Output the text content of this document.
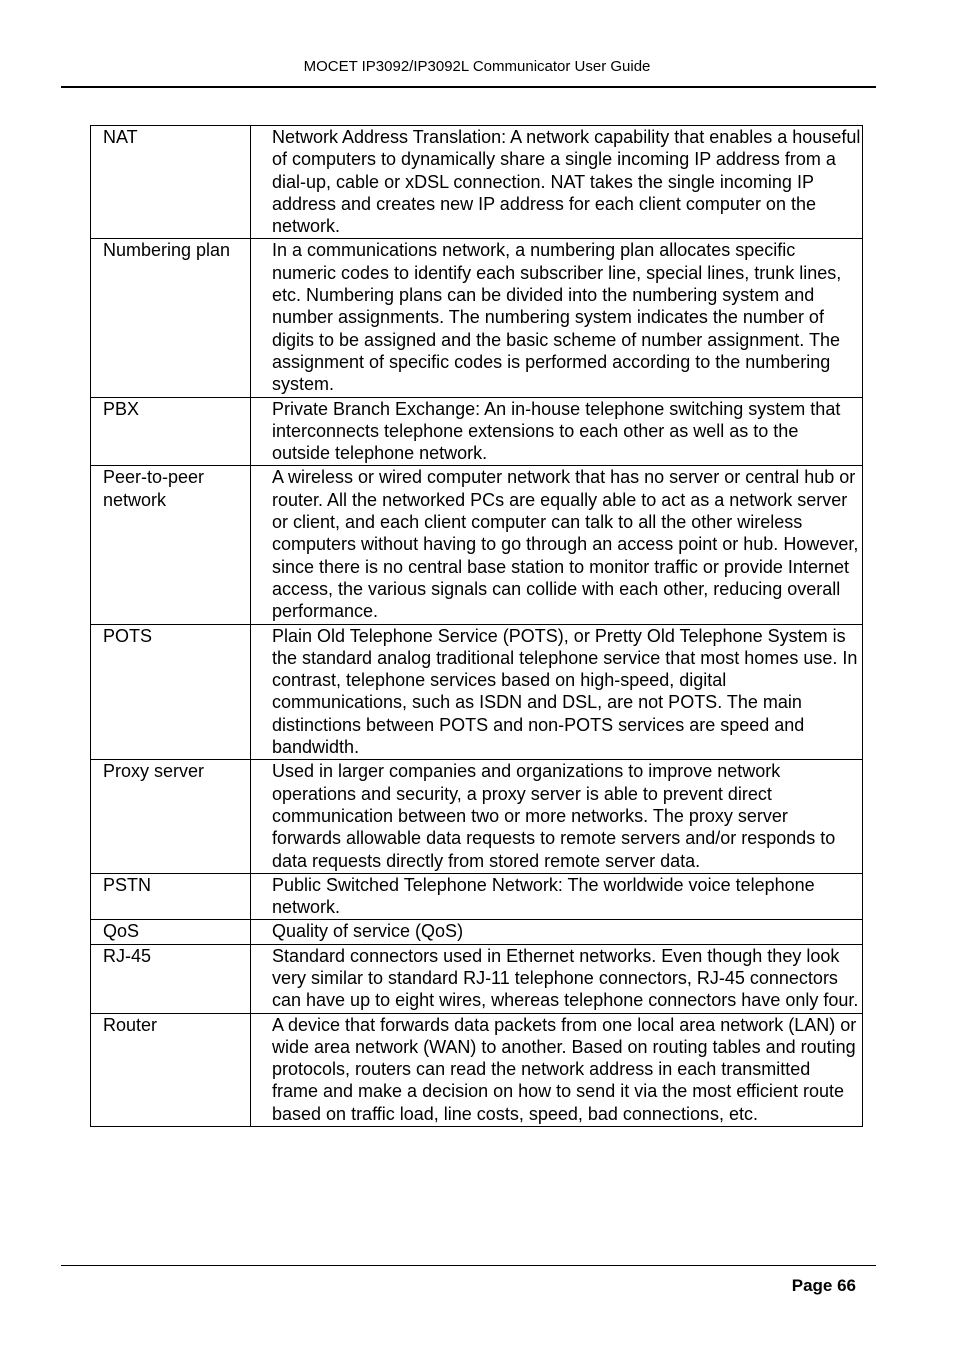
MOCET IP3092/IP3092L Communicator User Guide
NAT	Network Address Translation: A network capability that enables a houseful of computers to dynamically share a single incoming IP address from a dial-up, cable or xDSL connection. NAT takes the single incoming IP address and creates new IP address for each client computer on the network.
Numbering plan	In a communications network, a numbering plan allocates specific numeric codes to identify each subscriber line, special lines, trunk lines, etc. Numbering plans can be divided into the numbering system and number assignments. The numbering system indicates the number of digits to be assigned and the basic scheme of number assignment. The assignment of specific codes is performed according to the numbering system.
PBX	Private Branch Exchange: An in-house telephone switching system that interconnects telephone extensions to each other as well as to the outside telephone network.
Peer-to-peer network	A wireless or wired computer network that has no server or central hub or router. All the networked PCs are equally able to act as a network server or client, and each client computer can talk to all the other wireless computers without having to go through an access point or hub. However, since there is no central base station to monitor traffic or provide Internet access, the various signals can collide with each other, reducing overall performance.
POTS	Plain Old Telephone Service (POTS), or Pretty Old Telephone System is the standard analog traditional telephone service that most homes use. In contrast, telephone services based on high-speed, digital communications, such as ISDN and DSL, are not POTS. The main distinctions between POTS and non-POTS services are speed and bandwidth.
Proxy server	Used in larger companies and organizations to improve network operations and security, a proxy server is able to prevent direct communication between two or more networks. The proxy server forwards allowable data requests to remote servers and/or responds to data requests directly from stored remote server data.
PSTN	Public Switched Telephone Network: The worldwide voice telephone network.
QoS	Quality of service (QoS)
RJ-45	Standard connectors used in Ethernet networks. Even though they look very similar to standard RJ-11 telephone connectors, RJ-45 connectors can have up to eight wires, whereas telephone connectors have only four.
Router	A device that forwards data packets from one local area network (LAN) or wide area network (WAN) to another. Based on routing tables and routing protocols, routers can read the network address in each transmitted frame and make a decision on how to send it via the most efficient route based on traffic load, line costs, speed, bad connections, etc.
Page 66
